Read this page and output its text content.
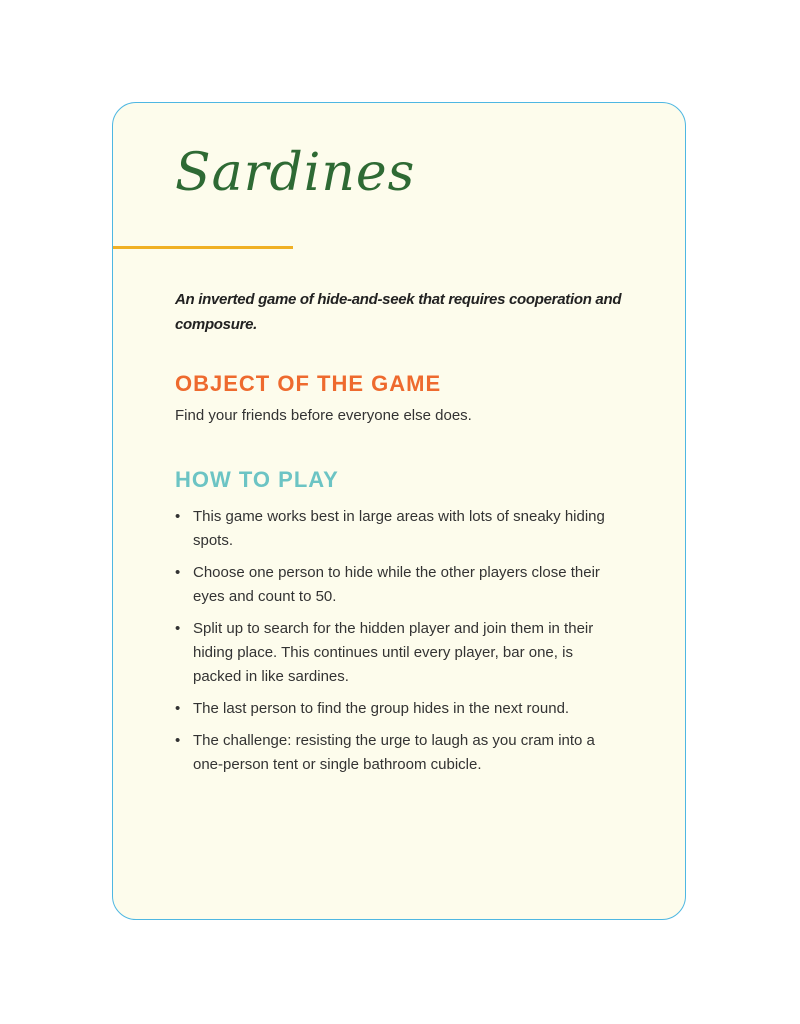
Sardines

An inverted game of hide-and-seek that requires cooperation and composure.

OBJECT OF THE GAME

Find your friends before everyone else does.

HOW TO PLAY
• This game works best in large areas with lots of sneaky hiding spots.
• Choose one person to hide while the other players close their eyes and count to 50.
• Split up to search for the hidden player and join them in their hiding place. This continues until every player, bar one, is packed in like sardines.
• The last person to find the group hides in the next round.
• The challenge: resisting the urge to laugh as you cram into a one-person tent or single bathroom cubicle.
